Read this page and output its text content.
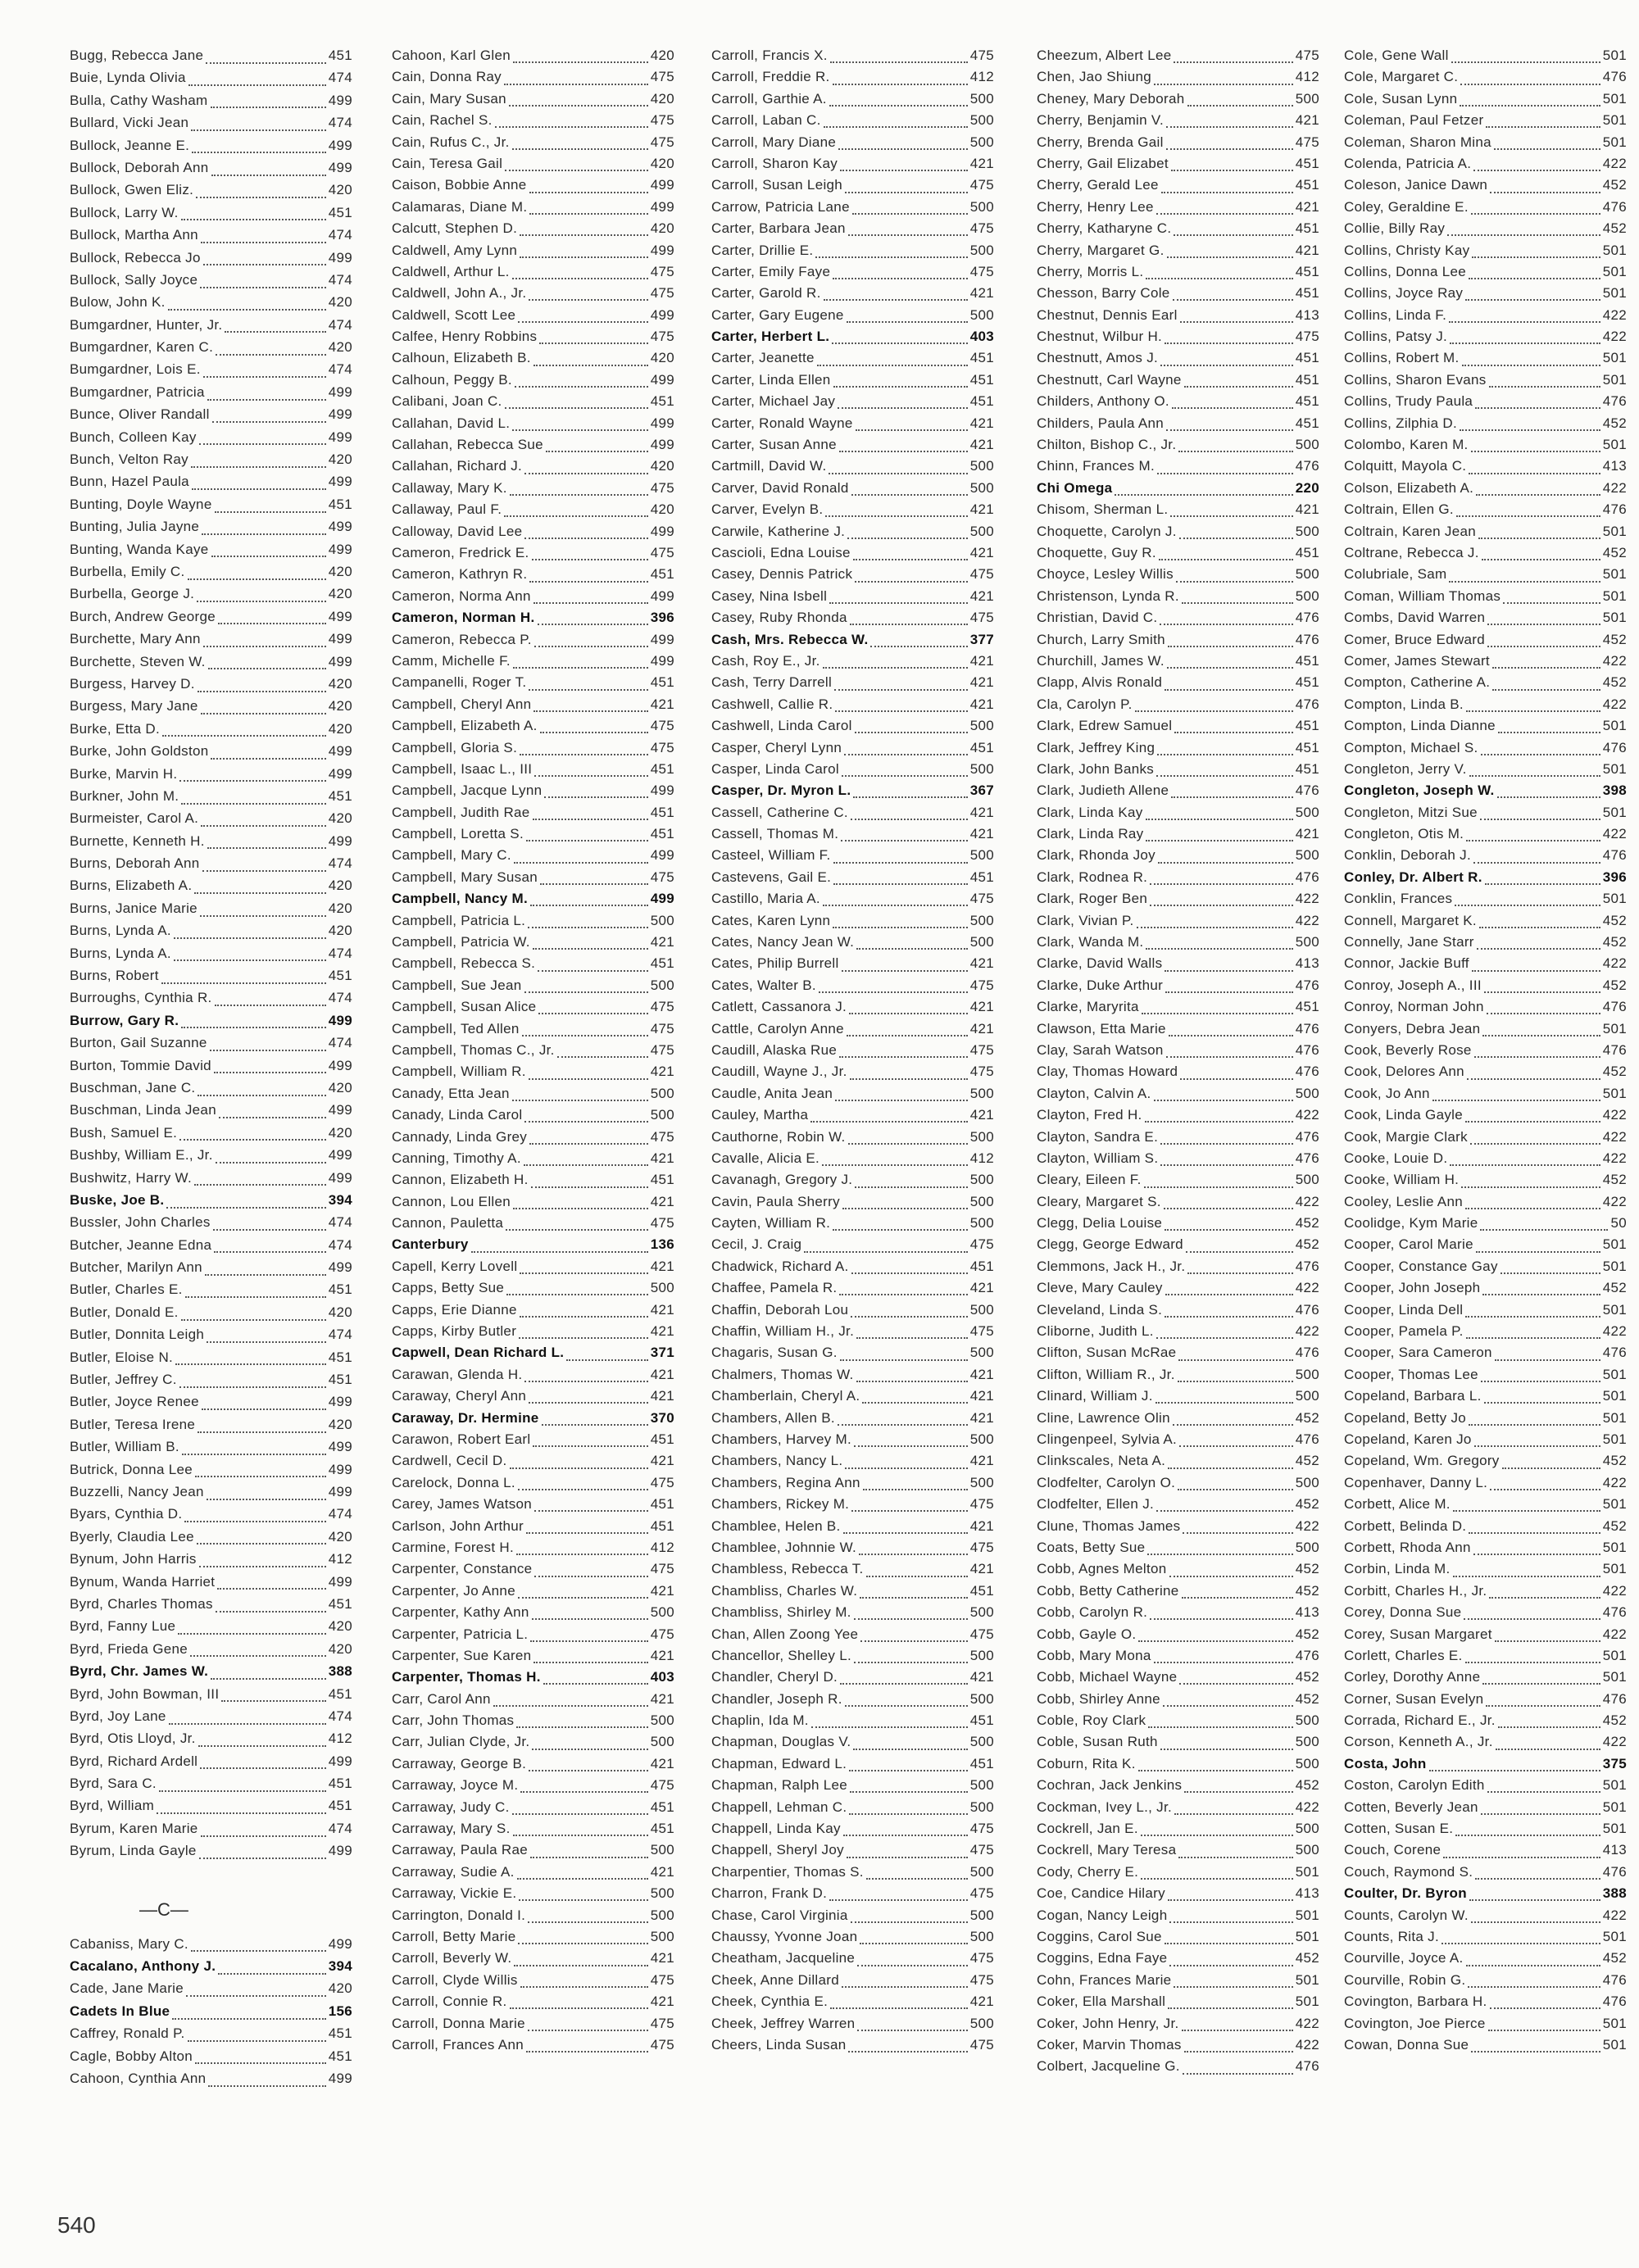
Bugg, Rebecca Jane	451
Buie, Lynda Olivia	474
Bulla, Cathy Washam	499
Bullard, Vicki Jean	474
Bullock, Jeanne E.	499
Bullock, Deborah Ann	499
Bullock, Gwen Eliz.	420
Bullock, Larry W.	451
Bullock, Martha Ann	474
Bullock, Rebecca Jo	499
Bullock, Sally Joyce	474
Bulow, John K.	420
Bumgardner, Hunter, Jr.	474
Bumgardner, Karen C.	420
Bumgardner, Lois E.	474
Bumgardner, Patricia	499
Bunce, Oliver Randall	499
Bunch, Colleen Kay	499
Bunch, Velton Ray	420
Bunn, Hazel Paula	499
Bunting, Doyle Wayne	451
Bunting, Julia Jayne	499
Bunting, Wanda Kaye	499
Burbella, Emily C.	420
Burbella, George J.	420
Burch, Andrew George	499
Burchette, Mary Ann	499
Burchette, Steven W.	499
Burgess, Harvey D.	420
Burgess, Mary Jane	420
Burke, Etta D.	420
Burke, John Goldston	499
Burke, Marvin H.	499
Burkner, John M.	451
Burmeister, Carol A.	420
Burnette, Kenneth H.	499
Burns, Deborah Ann	474
Burns, Elizabeth A.	420
Burns, Janice Marie	420
Burns, Lynda A.	420
Burns, Lynda A.	474
Burns, Robert	451
Burroughs, Cynthia R.	474
Burrow, Gary R.	499
Burton, Gail Suzanne	474
Burton, Tommie David	499
Buschman, Jane C.	420
Buschman, Linda Jean	499
Bush, Samuel E.	420
Bushby, William E., Jr.	499
Bushwitz, Harry W.	499
Buske, Joe B.	394
Bussler, John Charles	474
Butcher, Jeanne Edna	474
Butcher, Marilyn Ann	499
Butler, Charles E.	451
Butler, Donald E.	420
Butler, Donnita Leigh	474
Butler, Eloise N.	451
Butler, Jeffrey C.	451
Butler, Joyce Renee	499
Butler, Teresa Irene	420
Butler, William B.	499
Butrick, Donna Lee	499
Buzzelli, Nancy Jean	499
Byars, Cynthia D.	474
Byerly, Claudia Lee	420
Bynum, John Harris	412
Bynum, Wanda Harriet	499
Byrd, Charles Thomas	451
Byrd, Fanny Lue	420
Byrd, Frieda Gene	420
Byrd, Chr. James W.	388
Byrd, John Bowman, III	451
Byrd, Joy Lane	474
Byrd, Otis Lloyd, Jr.	412
Byrd, Richard Ardell	499
Byrd, Sara C.	451
Byrd, William	451
Byrum, Karen Marie	474
Byrum, Linda Gayle	499
—C—
Cabaniss, Mary C.	499
Cacalano, Anthony J.	394
Cade, Jane Marie	420
Cadets In Blue	156
Caffrey, Ronald P.	451
Cagle, Bobby Alton	451
Cahoon, Cynthia Ann	499
Cahoon, Karl Glen	420
Cain, Donna Ray	475
Cain, Mary Susan	420
Cain, Rachel S.	475
Cain, Rufus C., Jr.	475
Cain, Teresa Gail	420
Caison, Bobbie Anne	499
Calamaras, Diane M.	499
Calcutt, Stephen D.	420
Caldwell, Amy Lynn	499
Caldwell, Arthur L.	475
Caldwell, John A., Jr.	475
Caldwell, Scott Lee	499
Calfee, Henry Robbins	475
Calhoun, Elizabeth B.	420
Calhoun, Peggy B.	499
Calibani, Joan C.	451
Callahan, David L.	499
Callahan, Rebecca Sue	499
Callahan, Richard J.	420
Callaway, Mary K.	475
Callaway, Paul F.	420
Calloway, David Lee	499
Cameron, Fredrick E.	475
Cameron, Kathryn R.	451
Cameron, Norma Ann	499
Cameron, Norman H.	396
Cameron, Rebecca P.	499
Camm, Michelle F.	499
Campanelli, Roger T.	451
Campbell, Cheryl Ann	421
Campbell, Elizabeth A.	475
Campbell, Gloria S.	475
Campbell, Isaac L., III	451
Campbell, Jacque Lynn	499
Campbell, Judith Rae	451
Campbell, Loretta S.	451
Campbell, Mary C.	499
Campbell, Mary Susan	475
Campbell, Nancy M.	499
Campbell, Patricia L.	500
Campbell, Patricia W.	421
Campbell, Rebecca S.	451
Campbell, Sue Jean	500
Campbell, Susan Alice	475
Campbell, Ted Allen	475
Campbell, Thomas C., Jr.	475
Campbell, William R.	421
Canady, Etta Jean	500
Canady, Linda Carol	500
Cannady, Linda Grey	475
Canning, Timothy A.	421
Cannon, Elizabeth H.	451
Cannon, Lou Ellen	421
Cannon, Pauletta	475
Canterbury	136
Capell, Kerry Lovell	421
Capps, Betty Sue	500
Capps, Erie Dianne	421
Capps, Kirby Butler	421
Capwell, Dean Richard L.	371
Carawan, Glenda H.	421
Caraway, Cheryl Ann	421
Caraway, Dr. Hermine	370
Carawon, Robert Earl	451
Cardwell, Cecil D.	421
Carelock, Donna L.	475
Carey, James Watson	451
Carlson, John Arthur	451
Carmine, Forest H.	412
Carpenter, Constance	475
Carpenter, Jo Anne	421
Carpenter, Kathy Ann	500
Carpenter, Patricia L.	475
Carpenter, Sue Karen	421
Carpenter, Thomas H.	403
Carr, Carol Ann	421
Carr, John Thomas	500
Carr, Julian Clyde, Jr.	500
Carraway, George B.	421
Carraway, Joyce M.	475
Carraway, Judy C.	451
Carraway, Mary S.	451
Carraway, Paula Rae	500
Carraway, Sudie A.	421
Carraway, Vickie E.	500
Carrington, Donald I.	500
Carroll, Betty Marie	500
Carroll, Beverly W.	421
Carroll, Clyde Willis	475
Carroll, Connie R.	421
Carroll, Donna Marie	475
Carroll, Frances Ann	475
Carroll, Francis X.	475
Carroll, Freddie R.	412
Carroll, Garthie A.	500
Carroll, Laban C.	500
Carroll, Mary Diane	500
Carroll, Sharon Kay	421
Carroll, Susan Leigh	475
Carrow, Patricia Lane	500
Carter, Barbara Jean	475
Carter, Drillie E.	500
Carter, Emily Faye	475
Carter, Garold R.	421
Carter, Gary Eugene	500
Carter, Herbert L.	403
Carter, Jeanette	451
Carter, Linda Ellen	451
Carter, Michael Jay	451
Carter, Ronald Wayne	421
Carter, Susan Anne	421
Cartmill, David W.	500
Carver, David Ronald	500
Carver, Evelyn B.	421
Carwile, Katherine J.	500
Cascioli, Edna Louise	421
Casey, Dennis Patrick	475
Casey, Nina Isbell	421
Casey, Ruby Rhonda	475
Cash, Mrs. Rebecca W.	377
Cash, Roy E., Jr.	421
Cash, Terry Darrell	421
Cashwell, Callie R.	421
Cashwell, Linda Carol	500
Casper, Cheryl Lynn	451
Casper, Linda Carol	500
Casper, Dr. Myron L.	367
Cassell, Catherine C.	421
Cassell, Thomas M.	421
Casteel, William F.	500
Castevens, Gail E.	451
Castillo, Maria A.	475
Cates, Karen Lynn	500
Cates, Nancy Jean W.	500
Cates, Philip Burrell	421
Cates, Walter B.	475
Catlett, Cassanora J.	421
Cattle, Carolyn Anne	421
Caudill, Alaska Rue	475
Caudill, Wayne J., Jr.	475
Caudle, Anita Jean	500
Cauley, Martha	421
Cauthorne, Robin W.	500
Cavalle, Alicia E.	412
Cavanagh, Gregory J.	500
Cavin, Paula Sherry	500
Cayten, William R.	500
Cecil, J. Craig	475
Chadwick, Richard A.	451
Chaffee, Pamela R.	421
Chaffin, Deborah Lou	500
Chaffin, William H., Jr.	475
Chagaris, Susan G.	500
Chalmers, Thomas W.	421
Chamberlain, Cheryl A.	421
Chambers, Allen B.	421
Chambers, Harvey M.	500
Chambers, Nancy L.	421
Chambers, Regina Ann	500
Chambers, Rickey M.	475
Chamblee, Helen B.	421
Chamblee, Johnnie W.	475
Chambless, Rebecca T.	421
Chambliss, Charles W.	451
Chambliss, Shirley M.	500
Chan, Allen Zoong Yee	475
Chancellor, Shelley L.	500
Chandler, Cheryl D.	421
Chandler, Joseph R.	500
Chaplin, Ida M.	451
Chapman, Douglas V.	500
Chapman, Edward L.	451
Chapman, Ralph Lee	500
Chappell, Lehman C.	500
Chappell, Linda Kay	475
Chappell, Sheryl Joy	475
Charpentier, Thomas S.	500
Charron, Frank D.	475
Chase, Carol Virginia	500
Chaussy, Yvonne Joan	500
Cheatham, Jacqueline	475
Cheek, Anne Dillard	475
Cheek, Cynthia E.	421
Cheek, Jeffrey Warren	500
Cheers, Linda Susan	475
Cheezum, Albert Lee	475
Chen, Jao Shiung	412
Cheney, Mary Deborah	500
Cherry, Benjamin V.	421
Cherry, Brenda Gail	475
Cherry, Gail Elizabet	451
Cherry, Gerald Lee	451
Cherry, Henry Lee	421
Cherry, Katharyne C.	451
Cherry, Margaret G.	421
Cherry, Morris L.	451
Chesson, Barry Cole	451
Chestnut, Dennis Earl	413
Chestnut, Wilbur H.	475
Chestnutt, Amos J.	451
Chestnutt, Carl Wayne	451
Childers, Anthony O.	451
Childers, Paula Ann	451
Chilton, Bishop C., Jr.	500
Chinn, Frances M.	476
Chi Omega	220
Chisom, Sherman L.	421
Choquette, Carolyn J.	500
Choquette, Guy R.	451
Choyce, Lesley Willis	500
Christenson, Lynda R.	500
Christian, David C.	476
Church, Larry Smith	476
Churchill, James W.	451
Clapp, Alvis Ronald	451
Cla, Carolyn P.	476
Clark, Edrew Samuel	451
Clark, Jeffrey King	451
Clark, John Banks	451
Clark, Judieth Allene	476
Clark, Linda Kay	500
Clark, Linda Ray	421
Clark, Rhonda Joy	500
Clark, Rodnea R.	476
Clark, Roger Ben	422
Clark, Vivian P.	422
Clark, Wanda M.	500
Clarke, David Walls	413
Clarke, Duke Arthur	476
Clarke, Maryrita	451
Clawson, Etta Marie	476
Clay, Sarah Watson	476
Clay, Thomas Howard	476
Clayton, Calvin A.	500
Clayton, Fred H.	422
Clayton, Sandra E.	476
Clayton, William S.	476
Cleary, Eileen F.	500
Cleary, Margaret S.	422
Clegg, Delia Louise	452
Clegg, George Edward	452
Clemmons, Jack H., Jr.	476
Cleve, Mary Cauley	422
Cleveland, Linda S.	476
Cliborne, Judith L.	422
Clifton, Susan McRae	476
Clifton, William R., Jr.	500
Clinard, William J.	500
Cline, Lawrence Olin	452
Clingenpeel, Sylvia A.	476
Clinkscales, Neta A.	452
Clodfelter, Carolyn O.	500
Clodfelter, Ellen J.	452
Clune, Thomas James	422
Coats, Betty Sue	500
Cobb, Agnes Melton	452
Cobb, Betty Catherine	452
Cobb, Carolyn R.	413
Cobb, Gayle O.	452
Cobb, Mary Mona	476
Cobb, Michael Wayne	452
Cobb, Shirley Anne	452
Coble, Roy Clark	500
Coble, Susan Ruth	500
Coburn, Rita K.	500
Cochran, Jack Jenkins	452
Cockman, Ivey L., Jr.	422
Cockrell, Jan E.	500
Cockrell, Mary Teresa	500
Cody, Cherry E.	501
Coe, Candice Hilary	413
Cogan, Nancy Leigh	501
Coggins, Carol Sue	501
Coggins, Edna Faye	452
Cohn, Frances Marie	501
Coker, Ella Marshall	501
Coker, John Henry, Jr.	422
Coker, Marvin Thomas	422
Colbert, Jacqueline G.	476
Cole, Gene Wall	501
Cole, Margaret C.	476
Cole, Susan Lynn	501
Coleman, Paul Fetzer	501
Coleman, Sharon Mina	501
Colenda, Patricia A.	422
Coleson, Janice Dawn	452
Coley, Geraldine E.	476
Collie, Billy Ray	452
Collins, Christy Kay	501
Collins, Donna Lee	501
Collins, Joyce Ray	501
Collins, Linda F.	422
Collins, Patsy J.	422
Collins, Robert M.	501
Collins, Sharon Evans	501
Collins, Trudy Paula	476
Collins, Zilphia D.	452
Colombo, Karen M.	501
Colquitt, Mayola C.	413
Colson, Elizabeth A.	422
Coltrain, Ellen G.	476
Coltrain, Karen Jean	501
Coltrane, Rebecca J.	452
Colubriale, Sam	501
Coman, William Thomas	501
Combs, David Warren	501
Comer, Bruce Edward	452
Comer, James Stewart	422
Compton, Catherine A.	452
Compton, Linda B.	422
Compton, Linda Dianne	501
Compton, Michael S.	476
Congleton, Jerry V.	501
Congleton, Joseph W.	398
Congleton, Mitzi Sue	501
Congleton, Otis M.	422
Conklin, Deborah J.	476
Conley, Dr. Albert R.	396
Conklin, Frances	501
Connell, Margaret K.	452
Connelly, Jane Starr	452
Connor, Jackie Buff	422
Conroy, Joseph A., III	452
Conroy, Norman John	476
Conyers, Debra Jean	501
Cook, Beverly Rose	476
Cook, Delores Ann	452
Cook, Jo Ann	501
Cook, Linda Gayle	422
Cook, Margie Clark	422
Cooke, Louie D.	422
Cooke, William H.	452
Cooley, Leslie Ann	422
Coolidge, Kym Marie	50
Cooper, Carol Marie	501
Cooper, Constance Gay	501
Cooper, John Joseph	452
Cooper, Linda Dell	501
Cooper, Pamela P.	422
Cooper, Sara Cameron	476
Cooper, Thomas Lee	501
Copeland, Barbara L.	501
Copeland, Betty Jo	501
Copeland, Karen Jo	501
Copeland, Wm. Gregory	452
Copenhaver, Danny L.	422
Corbett, Alice M.	501
Corbett, Belinda D.	452
Corbett, Rhoda Ann	501
Corbin, Linda M.	501
Corbitt, Charles H., Jr.	422
Corey, Donna Sue	476
Corey, Susan Margaret	422
Corlett, Charles E.	501
Corley, Dorothy Anne	501
Corner, Susan Evelyn	476
Corrada, Richard E., Jr.	452
Corson, Kenneth A., Jr.	422
Costa, John	375
Coston, Carolyn Edith	501
Cotten, Beverly Jean	501
Cotten, Susan E.	501
Couch, Corene	413
Couch, Raymond S.	476
Coulter, Dr. Byron	388
Counts, Carolyn W.	422
Counts, Rita J.	501
Courville, Joyce A.	452
Courville, Robin G.	476
Covington, Barbara H.	476
Covington, Joe Pierce	501
Cowan, Donna Sue	501
540
